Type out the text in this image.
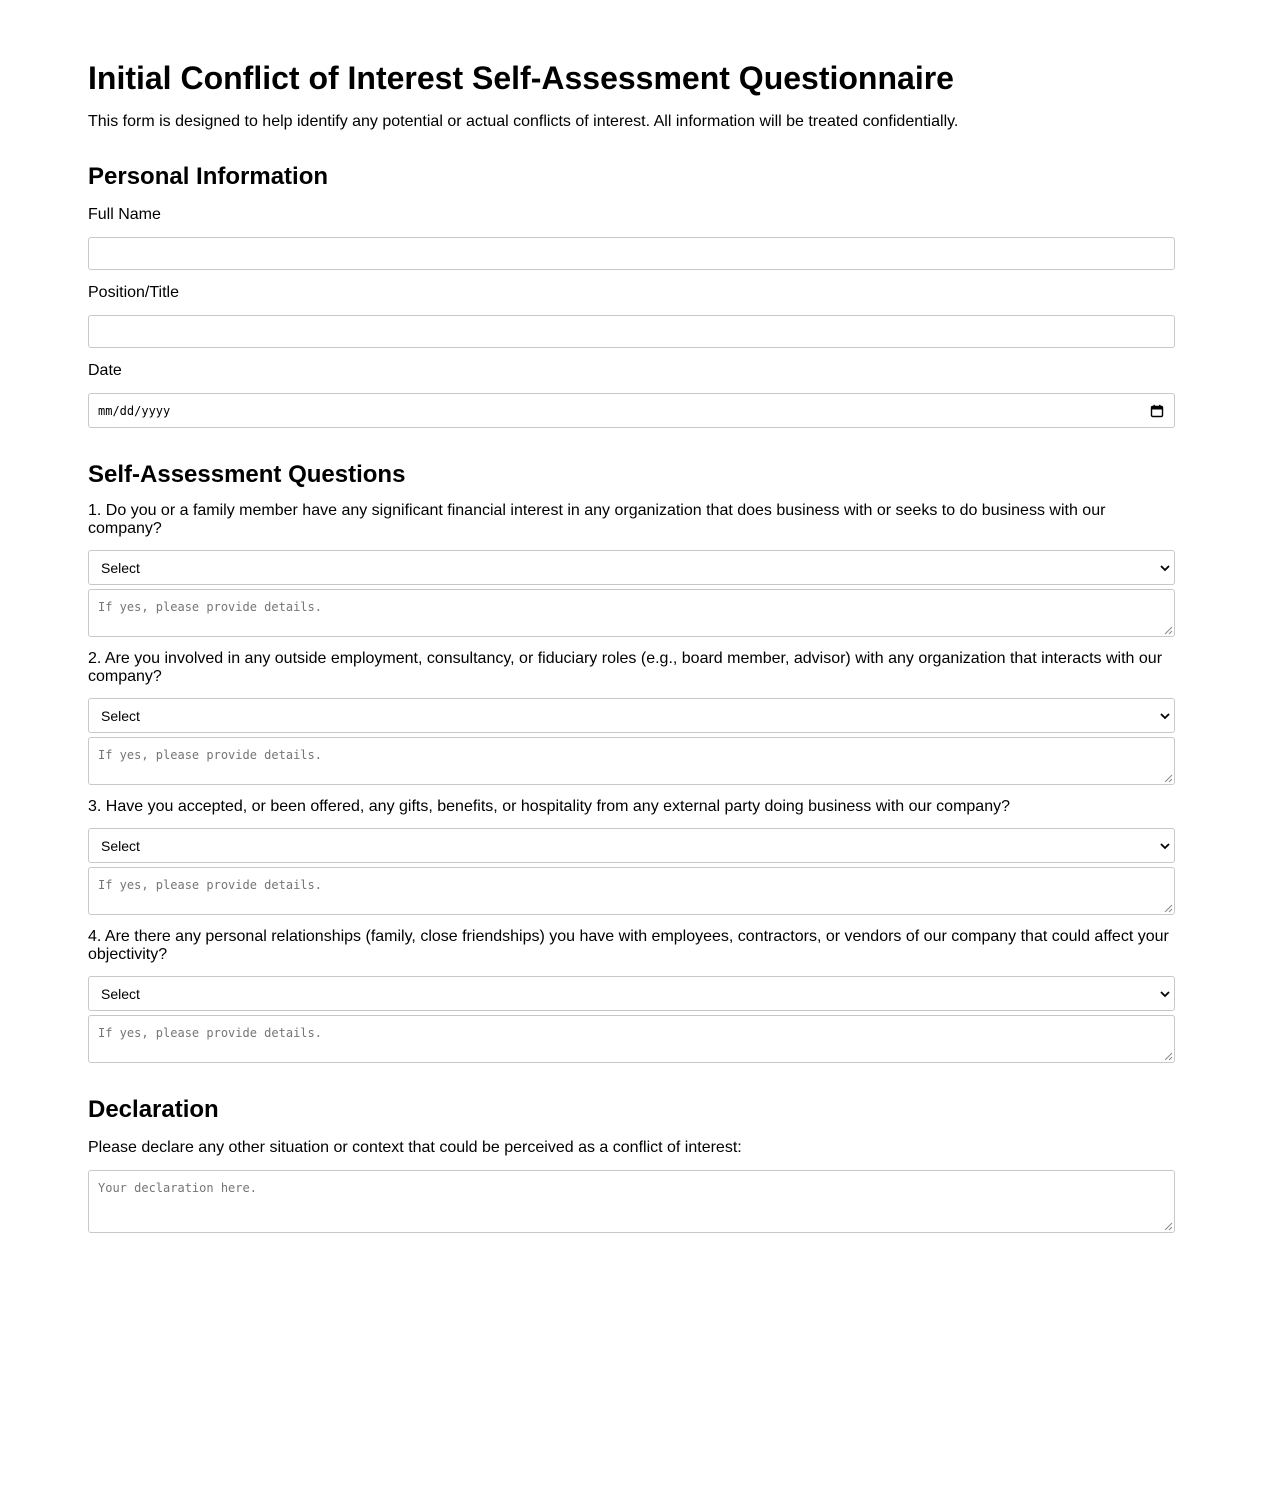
Initial Conflict of Interest Self-Assessment Questionnaire

This form is designed to help identify any potential or actual conflicts of interest. All information will be treated confidentially.

Personal Information
Full Name
Position/Title
Date
mm/dd/yyyy
Self-Assessment Questions
1. Do you or a family member have any significant financial interest in any organization that does business with or seeks to do business with our company?
Select
If yes, please provide details.
2. Are you involved in any outside employment, consultancy, or fiduciary roles (e.g., board member, advisor) with any organization that interacts with our company?
Select
If yes, please provide details.
3. Have you accepted, or been offered, any gifts, benefits, or hospitality from any external party doing business with our company?
Select
If yes, please provide details.
4. Are there any personal relationships (family, close friendships) you have with employees, contractors, or vendors of our company that could affect your objectivity?
Select
If yes, please provide details.
Declaration
Please declare any other situation or context that could be perceived as a conflict of interest:
Your declaration here.
